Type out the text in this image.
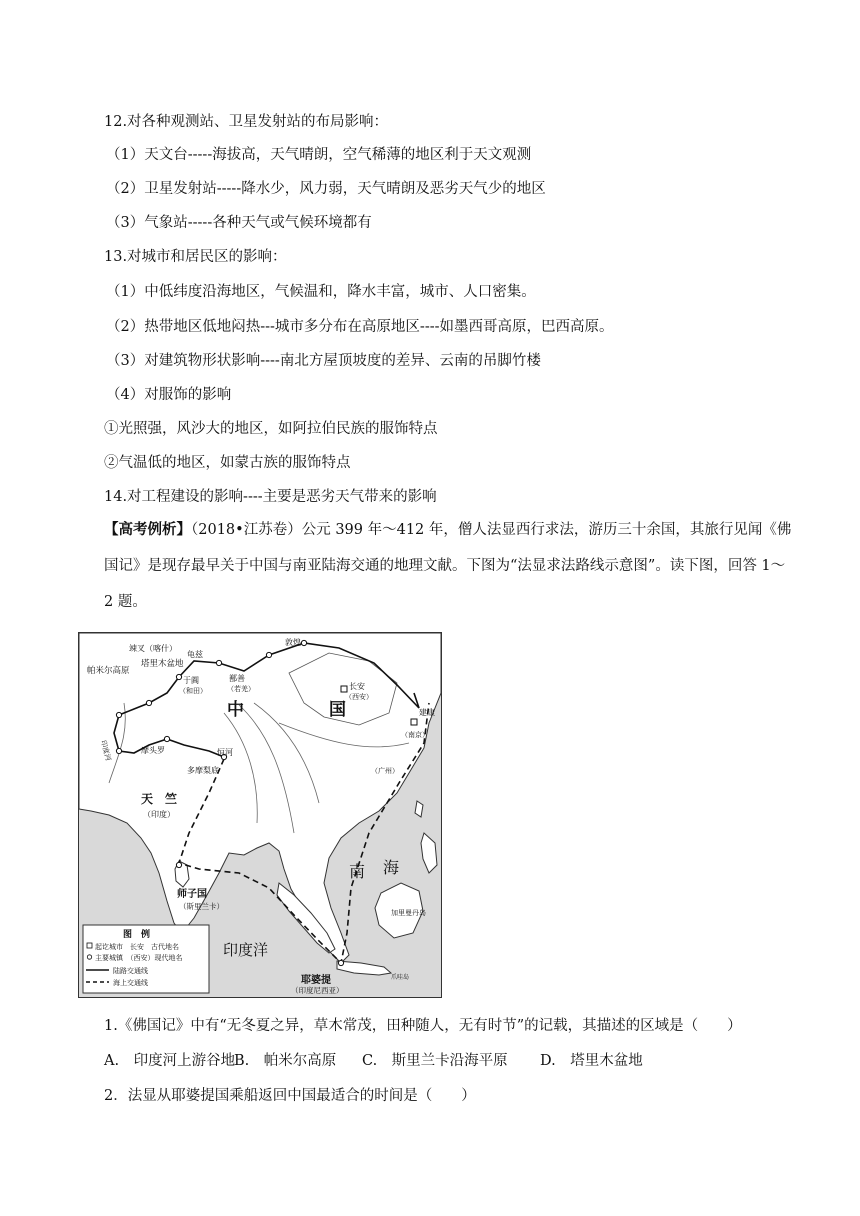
12.对各种观测站、卫星发射站的布局影响：
（1）天文台-----海拔高，天气晴朗，空气稀薄的地区利于天文观测
（2）卫星发射站-----降水少，风力弱，天气晴朗及恶劣天气少的地区
（3）气象站-----各种天气或气候环境都有
13.对城市和居民区的影响：
（1）中低纬度沿海地区，气候温和，降水丰富，城市、人口密集。
（2）热带地区低地闷热---城市多分布在高原地区----如墨西哥高原，巴西高原。
（3）对建筑物形状影响----南北方屋顶坡度的差异、云南的吊脚竹楼
（4）对服饰的影响
①光照强，风沙大的地区，如阿拉伯民族的服饰特点
②气温低的地区，如蒙古族的服饰特点
14.对工程建设的影响----主要是恶劣天气带来的影响
【高考例析】（2018•江苏卷）公元 399 年～412 年，僧人法显西行求法，游历三十余国，其旅行见闻《佛国记》是现存最早关于中国与南亚陆海交通的地理文献。下图为“法显求法路线示意图”。读下图，回答 1～2 题。
竦叉（喀什）
龟兹
塔里木盆地
帕米尔高原
于阗
（和田）
敦煌
鄯善
（若羌）	长安
（西安）
建康
（南京）
（广州）
中	国
摩头罗	恒河
多摩梨底
印度河
天　竺
（印度）
师子国
（斯里兰卡）
南 海
加里曼丹岛
印度洋
耶婆提
（印度尼西亚）
爪哇岛
图　例
起讫城市　长安　古代地名
主要城镇　（西安）现代地名
陆路交通线
海上交通线
1.《佛国记》中有“无冬夏之异，草木常茂，田种随人，无有时节”的记载，其描述的区域是（　　）
A.　印度河上游谷地
B.　帕米尔高原	C.　斯里兰卡沿海平原	D.　塔里木盆地
2．法显从耶婆提国乘船返回中国最适合的时间是（　　）
